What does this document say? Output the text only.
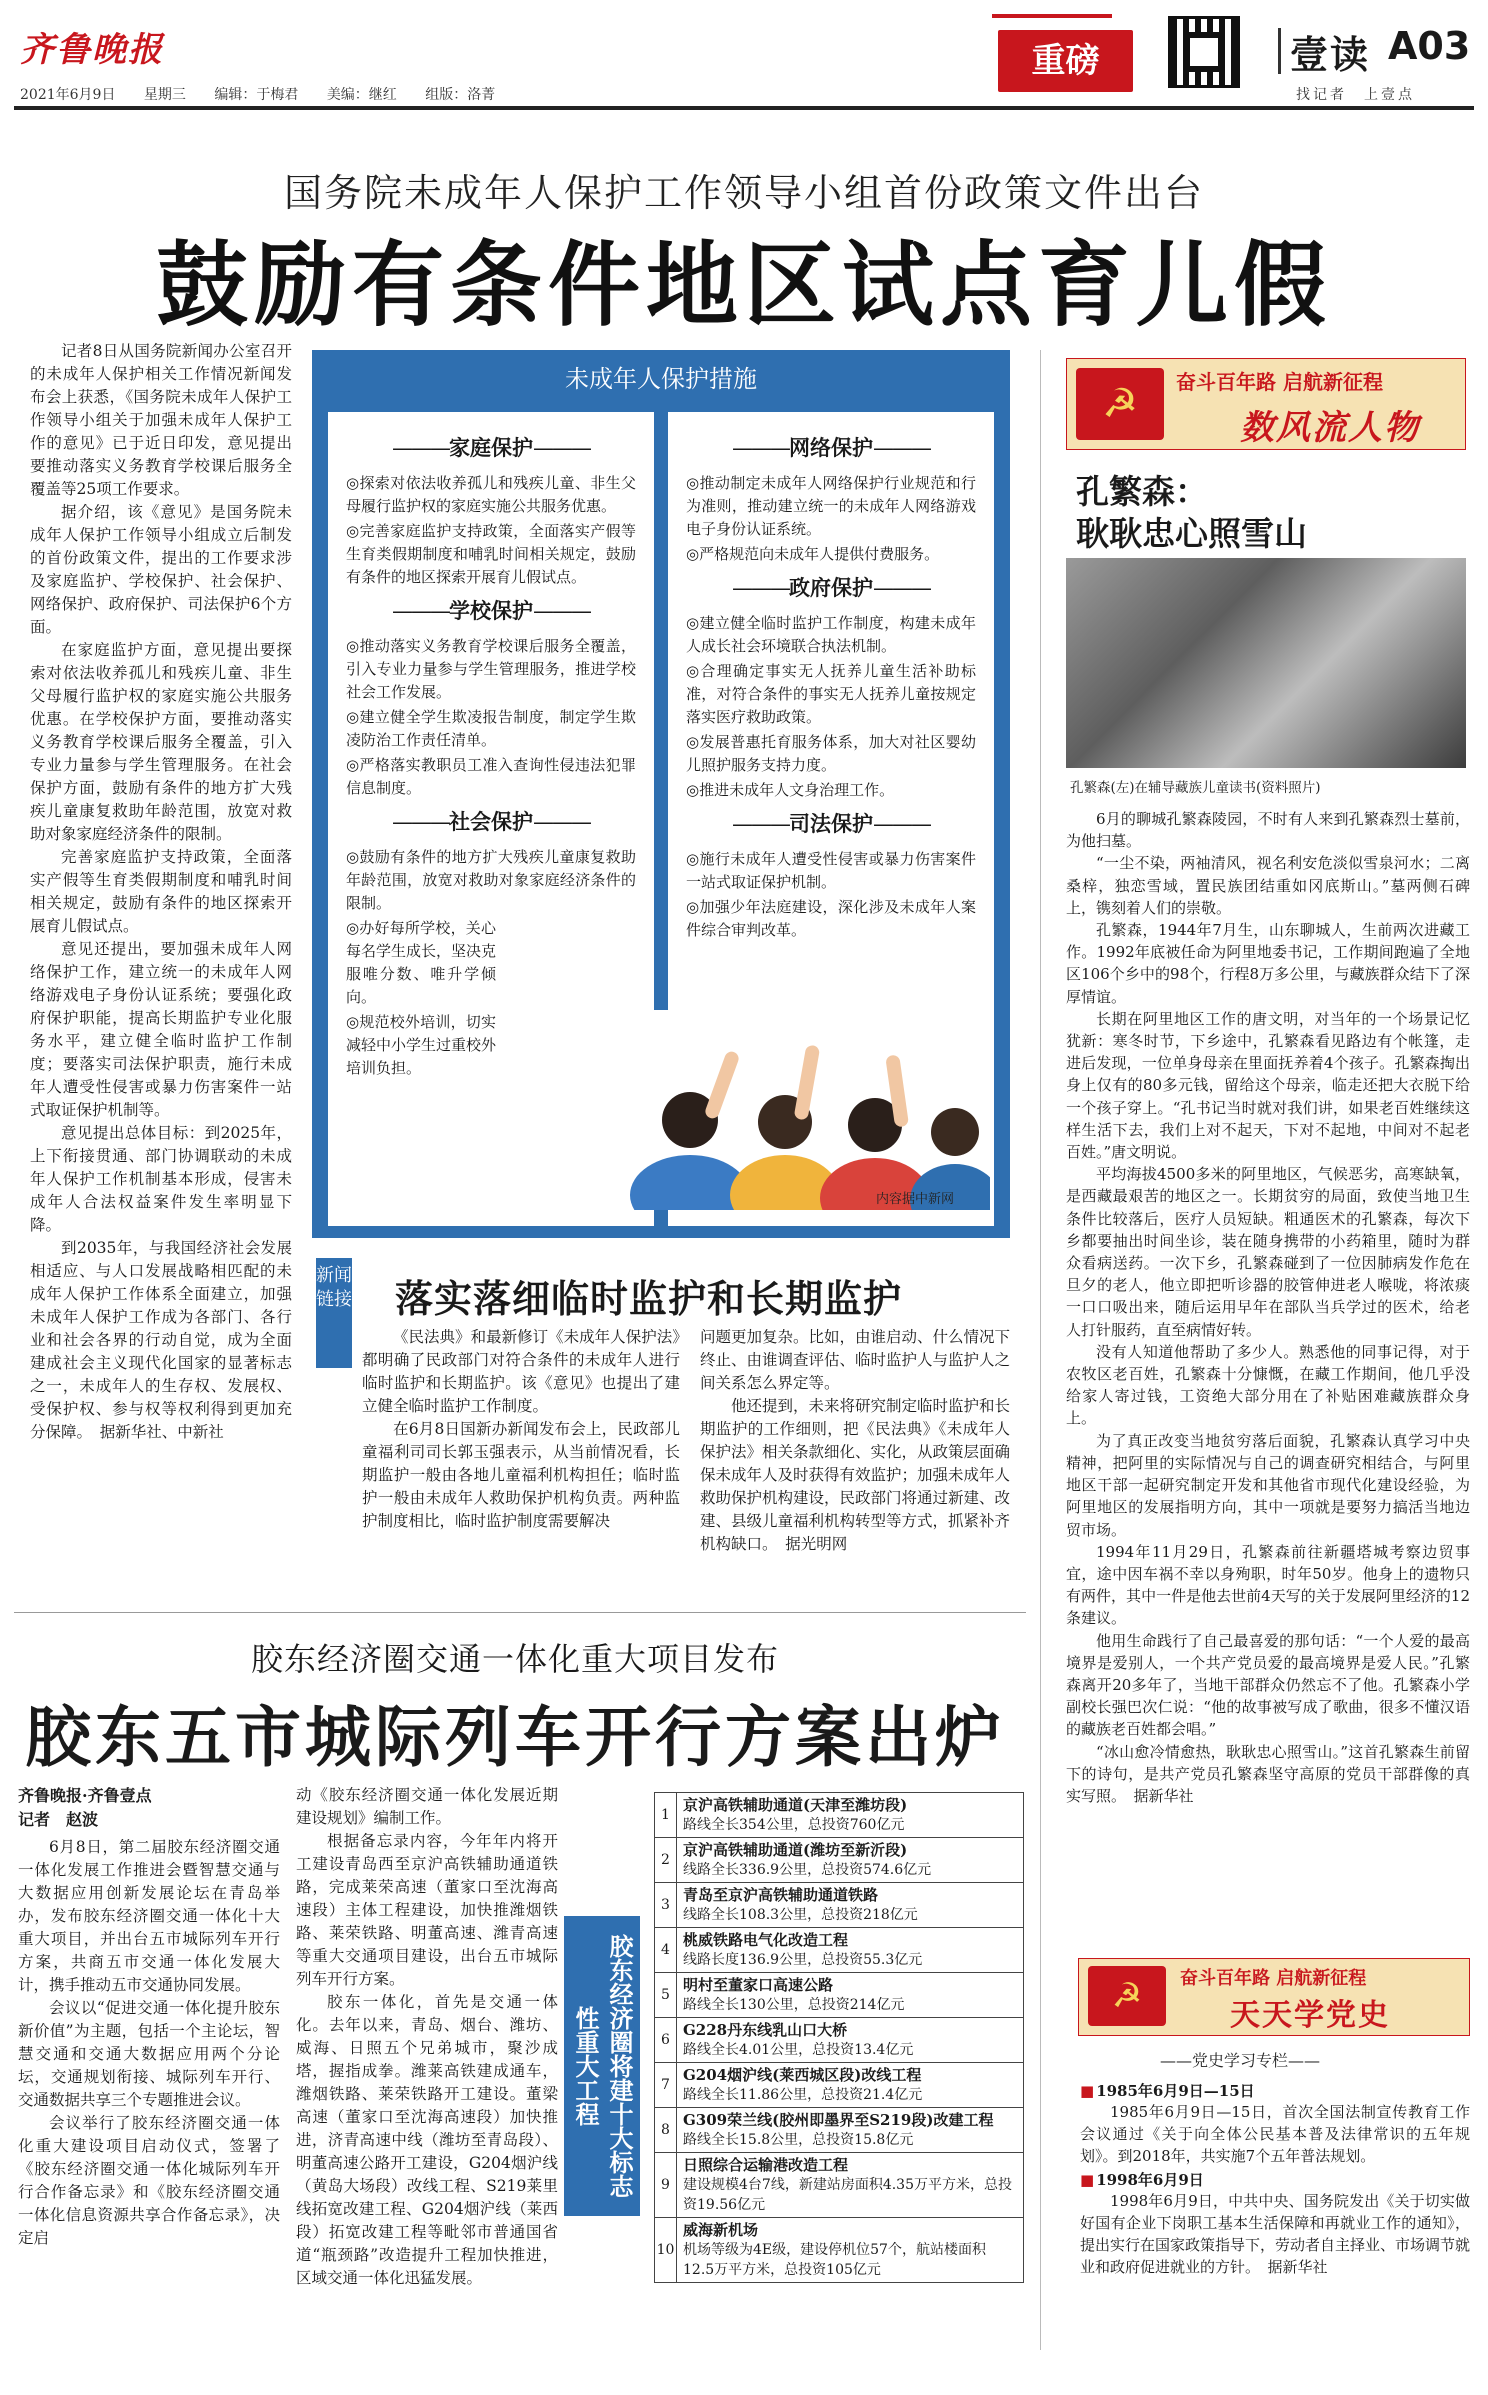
齐鲁晚报
2021年6月9日 星期三 编辑：于梅君 美编：继红 组版：洛菁
重磅	壹读 A03
找记者　上壹点
国务院未成年人保护工作领导小组首份政策文件出台
鼓励有条件地区试点育儿假

记者8日从国务院新闻办公室召开的未成年人保护相关工作情况新闻发布会上获悉，《国务院未成年人保护工作领导小组关于加强未成年人保护工作的意见》已于近日印发，意见提出要推动落实义务教育学校课后服务全覆盖等25项工作要求。

据介绍，该《意见》是国务院未成年人保护工作领导小组成立后制发的首份政策文件，提出的工作要求涉及家庭监护、学校保护、社会保护、网络保护、政府保护、司法保护6个方面。

在家庭监护方面，意见提出要探索对依法收养孤儿和残疾儿童、非生父母履行监护权的家庭实施公共服务优惠。在学校保护方面，要推动落实义务教育学校课后服务全覆盖，引入专业力量参与学生管理服务。在社会保护方面，鼓励有条件的地方扩大残疾儿童康复救助年龄范围，放宽对救助对象家庭经济条件的限制。

完善家庭监护支持政策，全面落实产假等生育类假期制度和哺乳时间相关规定，鼓励有条件的地区探索开展育儿假试点。

意见还提出，要加强未成年人网络保护工作，建立统一的未成年人网络游戏电子身份认证系统；要强化政府保护职能，提高长期监护专业化服务水平，建立健全临时监护工作制度；要落实司法保护职责，施行未成年人遭受性侵害或暴力伤害案件一站式取证保护机制等。

意见提出总体目标：到2025年，上下衔接贯通、部门协调联动的未成年人保护工作机制基本形成，侵害未成年人合法权益案件发生率明显下降。

到2035年，与我国经济社会发展相适应、与人口发展战略相匹配的未成年人保护工作体系全面建立，加强未成年人保护工作成为各部门、各行业和社会各界的行动自觉，成为全面建成社会主义现代化国家的显著标志之一，未成年人的生存权、发展权、受保护权、参与权等权利得到更加充分保障。　据新华社、中新社

未成年人保护措施
———家庭保护———

◎探索对依法收养孤儿和残疾儿童、非生父母履行监护权的家庭实施公共服务优惠。

◎完善家庭监护支持政策，全面落实产假等生育类假期制度和哺乳时间相关规定，鼓励有条件的地区探索开展育儿假试点。

———学校保护———

◎推动落实义务教育学校课后服务全覆盖，引入专业力量参与学生管理服务，推进学校社会工作发展。

◎建立健全学生欺凌报告制度，制定学生欺凌防治工作责任清单。

◎严格落实教职员工准入查询性侵违法犯罪信息制度。

———社会保护———

◎鼓励有条件的地方扩大残疾儿童康复救助年龄范围，放宽对救助对象家庭经济条件的限制。

◎办好每所学校，关心每名学生成长，坚决克服唯分数、唯升学倾向。

◎规范校外培训，切实减轻中小学生过重校外培训负担。

———网络保护———

◎推动制定未成年人网络保护行业规范和行为准则，推动建立统一的未成年人网络游戏电子身份认证系统。

◎严格规范向未成年人提供付费服务。

———政府保护———

◎建立健全临时监护工作制度，构建未成年人成长社会环境联合执法机制。

◎合理确定事实无人抚养儿童生活补助标准，对符合条件的事实无人抚养儿童按规定落实医疗救助政策。

◎发展普惠托育服务体系，加大对社区婴幼儿照护服务支持力度。

◎推进未成年人文身治理工作。

———司法保护———

◎施行未成年人遭受性侵害或暴力伤害案件一站式取证保护机制。

◎加强少年法庭建设，深化涉及未成年人案件综合审判改革。

内容据中新网
新闻链接 落实落细临时监护和长期监护

《民法典》和最新修订《未成年人保护法》都明确了民政部门对符合条件的未成年人进行临时监护和长期监护。该《意见》也提出了建立健全临时监护工作制度。

在6月8日国新办新闻发布会上，民政部儿童福利司司长郭玉强表示，从当前情况看，长期监护一般由各地儿童福利机构担任；临时监护一般由未成年人救助保护机构负责。两种监护制度相比，临时监护制度需要解决

问题更加复杂。比如，由谁启动、什么情况下终止、由谁调查评估、临时监护人与监护人之间关系怎么界定等。

他还提到，未来将研究制定临时监护和长期监护的工作细则，把《民法典》《未成年人保护法》相关条款细化、实化，从政策层面确保未成年人及时获得有效监护；加强未成年人救助保护机构建设，民政部门将通过新建、改建、县级儿童福利机构转型等方式，抓紧补齐机构缺口。　据光明网

☭	奋斗百年路 启航新征程
数风流人物
孔繁森：
耿耿忠心照雪山
孔繁森(左)在辅导藏族儿童读书(资料照片)

6月的聊城孔繁森陵园，不时有人来到孔繁森烈士墓前，为他扫墓。

“一尘不染，两袖清风，视名利安危淡似雪泉河水；二离桑梓，独恋雪域，置民族团结重如冈底斯山。”墓两侧石碑上，镌刻着人们的崇敬。

孔繁森，1944年7月生，山东聊城人，生前两次进藏工作。1992年底被任命为阿里地委书记，工作期间跑遍了全地区106个乡中的98个，行程8万多公里，与藏族群众结下了深厚情谊。

长期在阿里地区工作的唐文明，对当年的一个场景记忆犹新：寒冬时节，下乡途中，孔繁森看见路边有个帐篷，走进后发现，一位单身母亲在里面抚养着4个孩子。孔繁森掏出身上仅有的80多元钱，留给这个母亲，临走还把大衣脱下给一个孩子穿上。“孔书记当时就对我们讲，如果老百姓继续这样生活下去，我们上对不起天，下对不起地，中间对不起老百姓。”唐文明说。

平均海拔4500多米的阿里地区，气候恶劣，高寒缺氧，是西藏最艰苦的地区之一。长期贫穷的局面，致使当地卫生条件比较落后，医疗人员短缺。粗通医术的孔繁森，每次下乡都要抽出时间坐诊，装在随身携带的小药箱里，随时为群众看病送药。一次下乡，孔繁森碰到了一位因肺病发作危在旦夕的老人，他立即把听诊器的胶管伸进老人喉咙，将浓痰一口口吸出来，随后运用早年在部队当兵学过的医术，给老人打针服药，直至病情好转。

没有人知道他帮助了多少人。熟悉他的同事记得，对于农牧区老百姓，孔繁森十分慷慨，在藏工作期间，他几乎没给家人寄过钱，工资绝大部分用在了补贴困难藏族群众身上。

为了真正改变当地贫穷落后面貌，孔繁森认真学习中央精神，把阿里的实际情况与自己的调查研究相结合，与阿里地区干部一起研究制定开发和其他省市现代化建设经验，为阿里地区的发展指明方向，其中一项就是要努力搞活当地边贸市场。

1994年11月29日，孔繁森前往新疆塔城考察边贸事宜，途中因车祸不幸以身殉职，时年50岁。他身上的遗物只有两件，其中一件是他去世前4天写的关于发展阿里经济的12条建议。

他用生命践行了自己最喜爱的那句话：“一个人爱的最高境界是爱别人，一个共产党员爱的最高境界是爱人民。”孔繁森离开20多年了，当地干部群众仍然忘不了他。孔繁森小学副校长强巴次仁说：“他的故事被写成了歌曲，很多不懂汉语的藏族老百姓都会唱。”

“冰山愈冷情愈热，耿耿忠心照雪山。”这首孔繁森生前留下的诗句，是共产党员孔繁森坚守高原的党员干部群像的真实写照。　据新华社

☭	奋斗百年路 启航新征程
天天学党史
——党史学习专栏——
■ 1985年6月9日—15日

1985年6月9日—15日，首次全国法制宣传教育工作会议通过《关于向全体公民基本普及法律常识的五年规划》。到2018年，共实施7个五年普法规划。

■ 1998年6月9日

1998年6月9日，中共中央、国务院发出《关于切实做好国有企业下岗职工基本生活保障和再就业工作的通知》，提出实行在国家政策指导下，劳动者自主择业、市场调节就业和政府促进就业的方针。　据新华社

胶东经济圈交通一体化重大项目发布
胶东五市城际列车开行方案出炉
齐鲁晚报·齐鲁壹点
记者　赵波

6月8日，第二届胶东经济圈交通一体化发展工作推进会暨智慧交通与大数据应用创新发展论坛在青岛举办，发布胶东经济圈交通一体化十大重大项目，并出台五市城际列车开行方案，共商五市交通一体化发展大计，携手推动五市交通协同发展。

会议以“促进交通一体化提升胶东新价值”为主题，包括一个主论坛，智慧交通和交通大数据应用两个分论坛，交通规划衔接、城际列车开行、交通数据共享三个专题推进会议。

会议举行了胶东经济圈交通一体化重大建设项目启动仪式，签署了《胶东经济圈交通一体化城际列车开行合作备忘录》和《胶东经济圈交通一体化信息资源共享合作备忘录》，决定启

动《胶东经济圈交通一体化发展近期建设规划》编制工作。

根据备忘录内容，今年年内将开工建设青岛西至京沪高铁辅助通道铁路，完成莱荣高速（董家口至沈海高速段）主体工程建设，加快推潍烟铁路、莱荣铁路、明董高速、潍青高速等重大交通项目建设，出台五市城际列车开行方案。

胶东一体化，首先是交通一体化。去年以来，青岛、烟台、潍坊、威海、日照五个兄弟城市，聚沙成塔，握指成拳。潍莱高铁建成通车，潍烟铁路、莱荣铁路开工建设。董梁高速（董家口至沈海高速段）加快推进，济青高速中线（潍坊至青岛段）、明董高速公路开工建设，G204烟沪线（黄岛大场段）改线工程、S219莱里线拓宽改建工程、G204烟沪线（莱西段）拓宽改建工程等毗邻市普通国省道“瓶颈路”改造提升工程加快推进，区域交通一体化迅猛发展。

胶东经济圈将建十大标志性重大工程
1	京沪高铁辅助通道(天津至潍坊段)
路线全长354公里，总投资760亿元

2	京沪高铁辅助通道(潍坊至新沂段)
线路全长336.9公里，总投资574.6亿元

3	青岛至京沪高铁辅助通道铁路
线路全长108.3公里，总投资218亿元

4	桃威铁路电气化改造工程
线路长度136.9公里，总投资55.3亿元

5	明村至董家口高速公路
路线全长130公里，总投资214亿元

6	G228丹东线乳山口大桥
路线全长4.01公里，总投资13.4亿元

7	G204烟沪线(莱西城区段)改线工程
路线全长11.86公里，总投资21.4亿元

8	G309荣兰线(胶州即墨界至S219段)改建工程
路线全长15.8公里，总投资15.8亿元

9	日照综合运输港改造工程
建设规模4台7线，新建站房面积4.35万平方米，总投资19.56亿元

10	威海新机场
机场等级为4E级，建设停机位57个，航站楼面积12.5万平方米，总投资105亿元
